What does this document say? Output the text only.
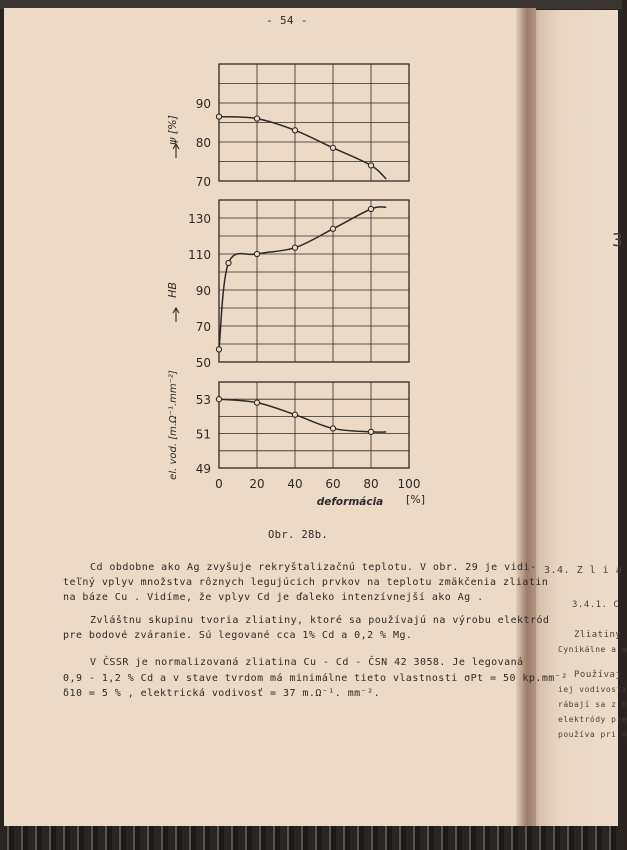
- 54 -
70
80
90
ψ [%]
50
70
90
110
130
HB
49
51
53
0 20 40 60 80 100
el. vod. [m.Ω⁻¹.mm⁻²]
deformácia [%]
Obr. 28b.
Cd obdobne ako Ag zvyšuje rekryštalizačnú teplotu. V obr. 29 je vidi-
teľný vplyv množstva rôznych legujúcich prvkov na teplotu zmäkčenia zliatin
na báze Cu . Vidíme, že vplyv Cd je ďaleko intenzívnejší ako Ag .
Zvláštnu skupinu tvoria zliatiny, ktoré sa používajú na výrobu elektród
pre bodové zváranie. Sú legované cca 1% Cd a 0,2 % Mg.
V ČSSR je normalizovaná zliatina Cu - Cd - ČSN 42 3058. Je legovaná
0,9 - 1,2 % Cd a v stave tvrdom má minimálne tieto vlastnosti σPt = 50 kp.mm⁻²
δ10 = 5 % , elektrická vodivosť = 37 m.Ω⁻¹. mm⁻².
3
3.4. Z l i a
3.4.1. C
Zliatiny
Cynikálne a m
Používaj
iej vodivosti
rábají sa z n
elektródy pre
používa pri v
